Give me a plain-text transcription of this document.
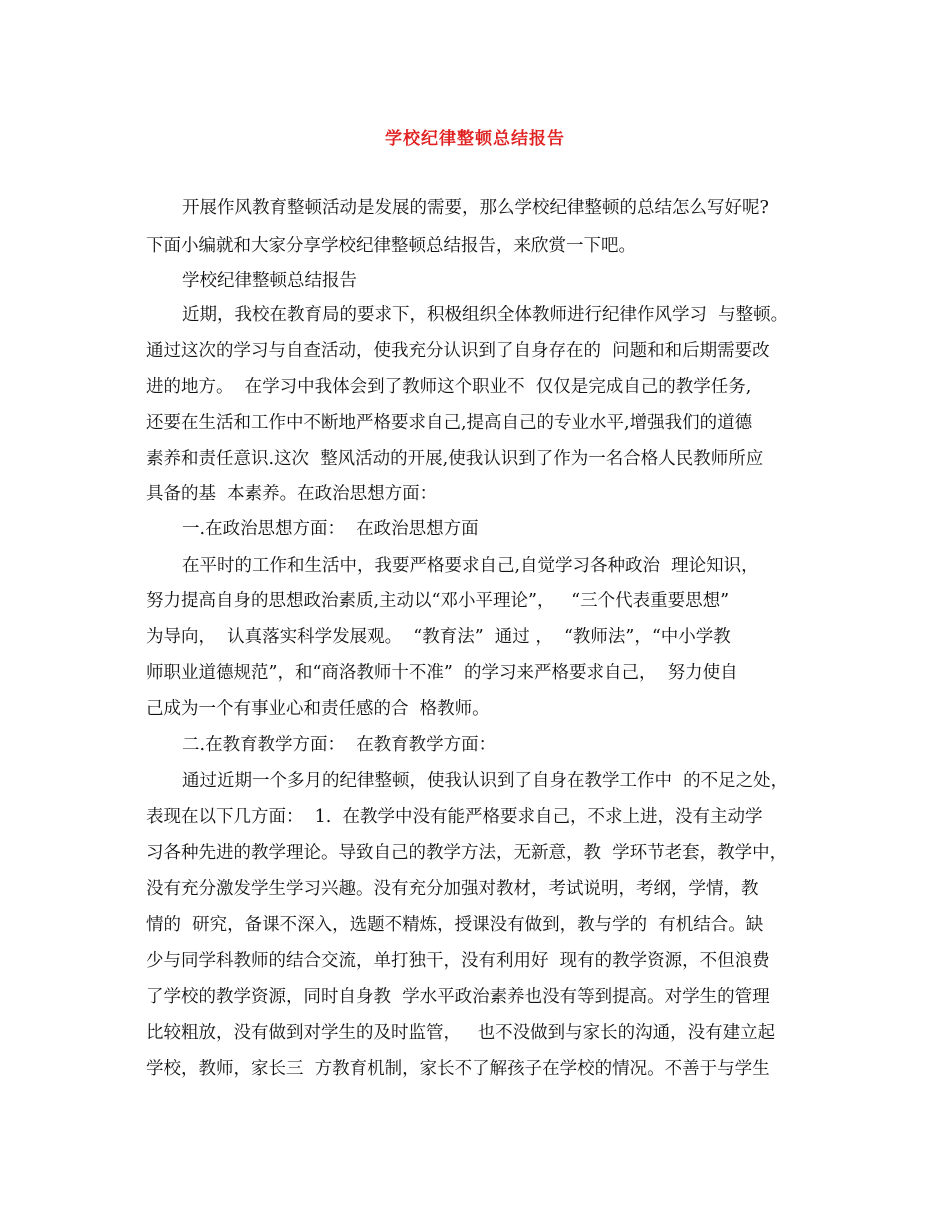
学校纪律整顿总结报告
开展作风教育整顿活动是发展的需要，那么学校纪律整顿的总结怎么写好呢?
下面小编就和大家分享学校纪律整顿总结报告，来欣赏一下吧。
学校纪律整顿总结报告
近期，我校在教育局的要求下，积极组织全体教师进行纪律作风学习  与整顿。
通过这次的学习与自查活动，使我充分认识到了自身存在的  问题和和后期需要改
进的地方。  在学习中我体会到了教师这个职业不  仅仅是完成自己的教学任务,
还要在生活和工作中不断地严格要求自己,提高自己的专业水平,增强我们的道德
素养和责任意识.这次  整风活动的开展,使我认识到了作为一名合格人民教师所应
具备的基  本素养。在政治思想方面：
一.在政治思想方面：  在政治思想方面
在平时的工作和生活中，我要严格要求自己,自觉学习各种政治  理论知识，
努力提高自身的思想政治素质,主动以“邓小平理论”，   “三个代表重要思想”
为导向，  认真落实科学发展观。  “教育法”  通过 ，  “教师法”，“中小学教
师职业道德规范”，和“商洛教师十不准”  的学习来严格要求自己，  努力使自
己成为一个有事业心和责任感的合  格教师。
二.在教育教学方面：  在教育教学方面：
通过近期一个多月的纪律整顿，使我认识到了自身在教学工作中  的不足之处，
表现在以下几方面：  1.  在教学中没有能严格要求自己，不求上进，没有主动学
习各种先进的教学理论。导致自己的教学方法，无新意，教  学环节老套，教学中，
没有充分激发学生学习兴趣。没有充分加强对教材，考试说明，考纲，学情，教
情的  研究，备课不深入，选题不精炼，授课没有做到，教与学的  有机结合。缺
少与同学科教师的结合交流，单打独干，没有利用好  现有的教学资源，不但浪费
了学校的教学资源，同时自身教  学水平政治素养也没有等到提高。对学生的管理
比较粗放，没有做到对学生的及时监管，   也不没做到与家长的沟通，没有建立起
学校，教师，家长三  方教育机制，家长不了解孩子在学校的情况。不善于与学生
